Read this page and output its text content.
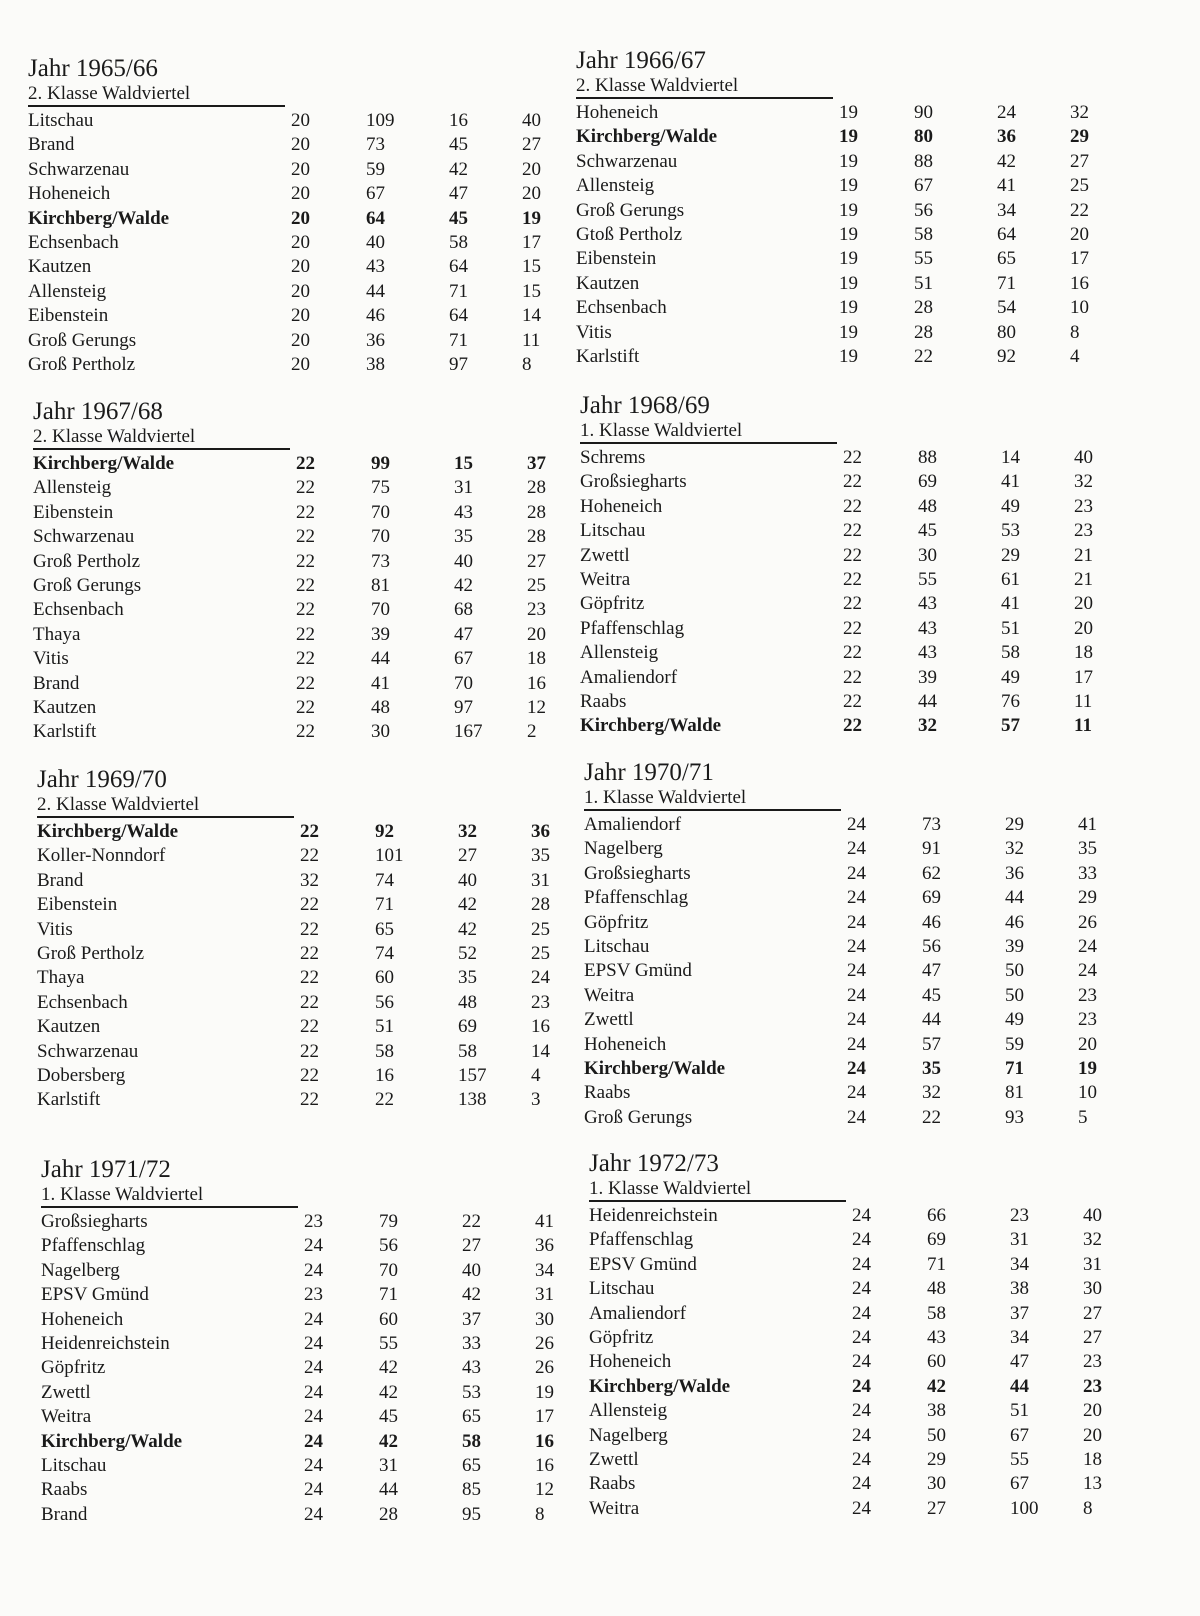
Jahr 1965/66
2. Klasse Waldviertel
Litschau	20	109	16	40
Brand	20	73	45	27
Schwarzenau	20	59	42	20
Hoheneich	20	67	47	20
Kirchberg/Walde	20	64	45	19
Echsenbach	20	40	58	17
Kautzen	20	43	64	15
Allensteig	20	44	71	15
Eibenstein	20	46	64	14
Groß Gerungs	20	36	71	11
Groß Pertholz	20	38	97	8
Jahr 1966/67
2. Klasse Waldviertel
Hoheneich	19	90	24	32
Kirchberg/Walde	19	80	36	29
Schwarzenau	19	88	42	27
Allensteig	19	67	41	25
Groß Gerungs	19	56	34	22
Gtoß Pertholz	19	58	64	20
Eibenstein	19	55	65	17
Kautzen	19	51	71	16
Echsenbach	19	28	54	10
Vitis	19	28	80	8
Karlstift	19	22	92	4
Jahr 1967/68
2. Klasse Waldviertel
Kirchberg/Walde	22	99	15	37
Allensteig	22	75	31	28
Eibenstein	22	70	43	28
Schwarzenau	22	70	35	28
Groß Pertholz	22	73	40	27
Groß Gerungs	22	81	42	25
Echsenbach	22	70	68	23
Thaya	22	39	47	20
Vitis	22	44	67	18
Brand	22	41	70	16
Kautzen	22	48	97	12
Karlstift	22	30	167	2
Jahr 1968/69
1. Klasse Waldviertel
Schrems	22	88	14	40
Großsiegharts	22	69	41	32
Hoheneich	22	48	49	23
Litschau	22	45	53	23
Zwettl	22	30	29	21
Weitra	22	55	61	21
Göpfritz	22	43	41	20
Pfaffenschlag	22	43	51	20
Allensteig	22	43	58	18
Amaliendorf	22	39	49	17
Raabs	22	44	76	11
Kirchberg/Walde	22	32	57	11
Jahr 1969/70
2. Klasse Waldviertel
Kirchberg/Walde	22	92	32	36
Koller-Nonndorf	22	101	27	35
Brand	32	74	40	31
Eibenstein	22	71	42	28
Vitis	22	65	42	25
Groß Pertholz	22	74	52	25
Thaya	22	60	35	24
Echsenbach	22	56	48	23
Kautzen	22	51	69	16
Schwarzenau	22	58	58	14
Dobersberg	22	16	157	4
Karlstift	22	22	138	3
Jahr 1970/71
1. Klasse Waldviertel
Amaliendorf	24	73	29	41
Nagelberg	24	91	32	35
Großsiegharts	24	62	36	33
Pfaffenschlag	24	69	44	29
Göpfritz	24	46	46	26
Litschau	24	56	39	24
EPSV Gmünd	24	47	50	24
Weitra	24	45	50	23
Zwettl	24	44	49	23
Hoheneich	24	57	59	20
Kirchberg/Walde	24	35	71	19
Raabs	24	32	81	10
Groß Gerungs	24	22	93	5
Jahr 1971/72
1. Klasse Waldviertel
Großsiegharts	23	79	22	41
Pfaffenschlag	24	56	27	36
Nagelberg	24	70	40	34
EPSV Gmünd	23	71	42	31
Hoheneich	24	60	37	30
Heidenreichstein	24	55	33	26
Göpfritz	24	42	43	26
Zwettl	24	42	53	19
Weitra	24	45	65	17
Kirchberg/Walde	24	42	58	16
Litschau	24	31	65	16
Raabs	24	44	85	12
Brand	24	28	95	8
Jahr 1972/73
1. Klasse Waldviertel
Heidenreichstein	24	66	23	40
Pfaffenschlag	24	69	31	32
EPSV Gmünd	24	71	34	31
Litschau	24	48	38	30
Amaliendorf	24	58	37	27
Göpfritz	24	43	34	27
Hoheneich	24	60	47	23
Kirchberg/Walde	24	42	44	23
Allensteig	24	38	51	20
Nagelberg	24	50	67	20
Zwettl	24	29	55	18
Raabs	24	30	67	13
Weitra	24	27	100	8
